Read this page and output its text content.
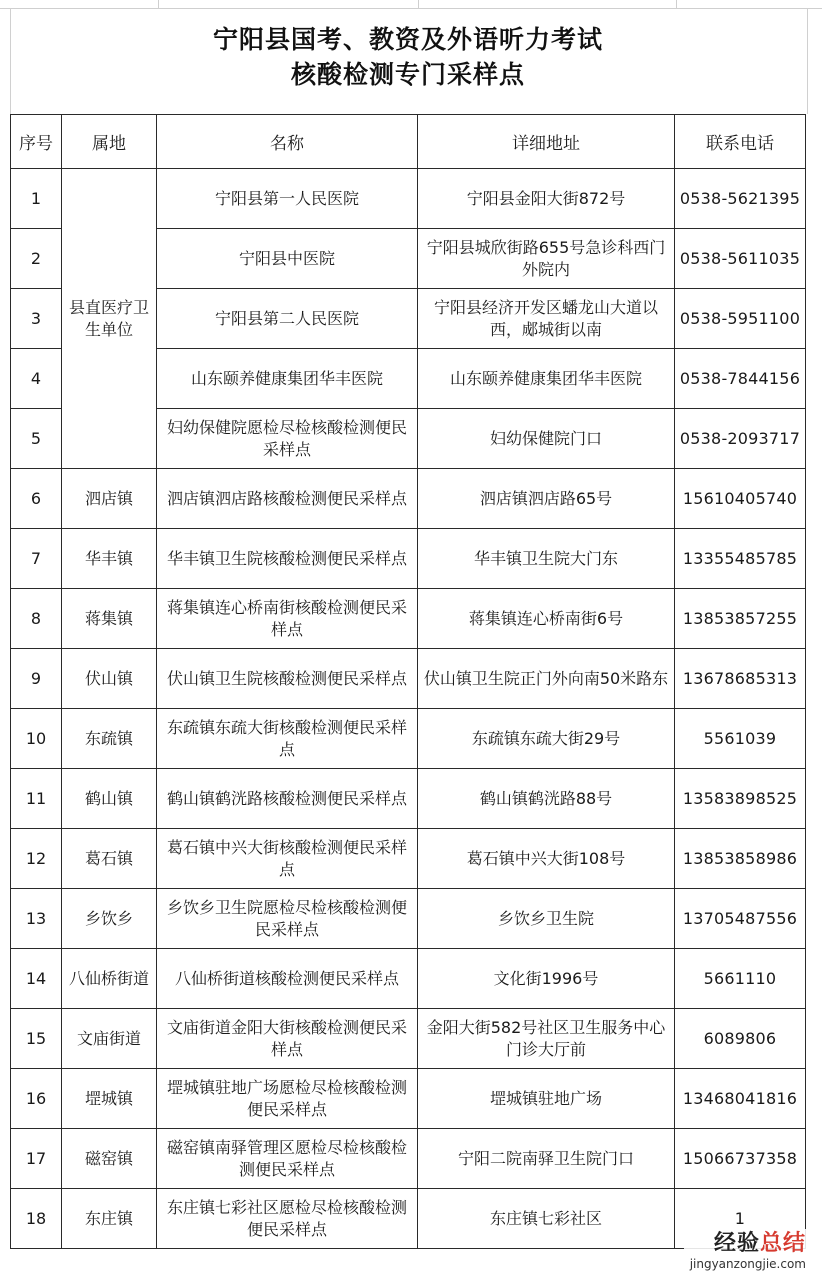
宁阳县国考、教资及外语听力考试
核酸检测专门采样点
序号	属地	名称	详细地址	联系电话
1	县直医疗卫生单位	宁阳县第一人民医院	宁阳县金阳大街872号	0538-5621395
2		宁阳县中医院	宁阳县城欣街路655号急诊科西门外院内	0538-5611035
3		宁阳县第二人民医院	宁阳县经济开发区蟠龙山大道以西，郕城街以南	0538-5951100
4		山东颐养健康集团华丰医院	山东颐养健康集团华丰医院	0538-7844156
5		妇幼保健院愿检尽检核酸检测便民采样点	妇幼保健院门口	0538-2093717
6	泗店镇	泗店镇泗店路核酸检测便民采样点	泗店镇泗店路65号	15610405740
7	华丰镇	华丰镇卫生院核酸检测便民采样点	华丰镇卫生院大门东	13355485785
8	蒋集镇	蒋集镇连心桥南街核酸检测便民采样点	蒋集镇连心桥南街6号	13853857255
9	伏山镇	伏山镇卫生院核酸检测便民采样点	伏山镇卫生院正门外向南50米路东	13678685313
10	东疏镇	东疏镇东疏大街核酸检测便民采样点	东疏镇东疏大街29号	5561039
11	鹤山镇	鹤山镇鹤洸路核酸检测便民采样点	鹤山镇鹤洸路88号	13583898525
12	葛石镇	葛石镇中兴大街核酸检测便民采样点	葛石镇中兴大街108号	13853858986
13	乡饮乡	乡饮乡卫生院愿检尽检核酸检测便民采样点	乡饮乡卫生院	13705487556
14	八仙桥街道	八仙桥街道核酸检测便民采样点	文化街1996号	5661110
15	文庙街道	文庙街道金阳大街核酸检测便民采样点	金阳大街582号社区卫生服务中心门诊大厅前	6089806
16	堽城镇	堽城镇驻地广场愿检尽检核酸检测便民采样点	堽城镇驻地广场	13468041816
17	磁窑镇	磁窑镇南驿管理区愿检尽检核酸检测便民采样点	宁阳二院南驿卫生院门口	15066737358
18	东庄镇	东庄镇七彩社区愿检尽检核酸检测便民采样点	东庄镇七彩社区	1
经验总结
jingyanzongjie.com
